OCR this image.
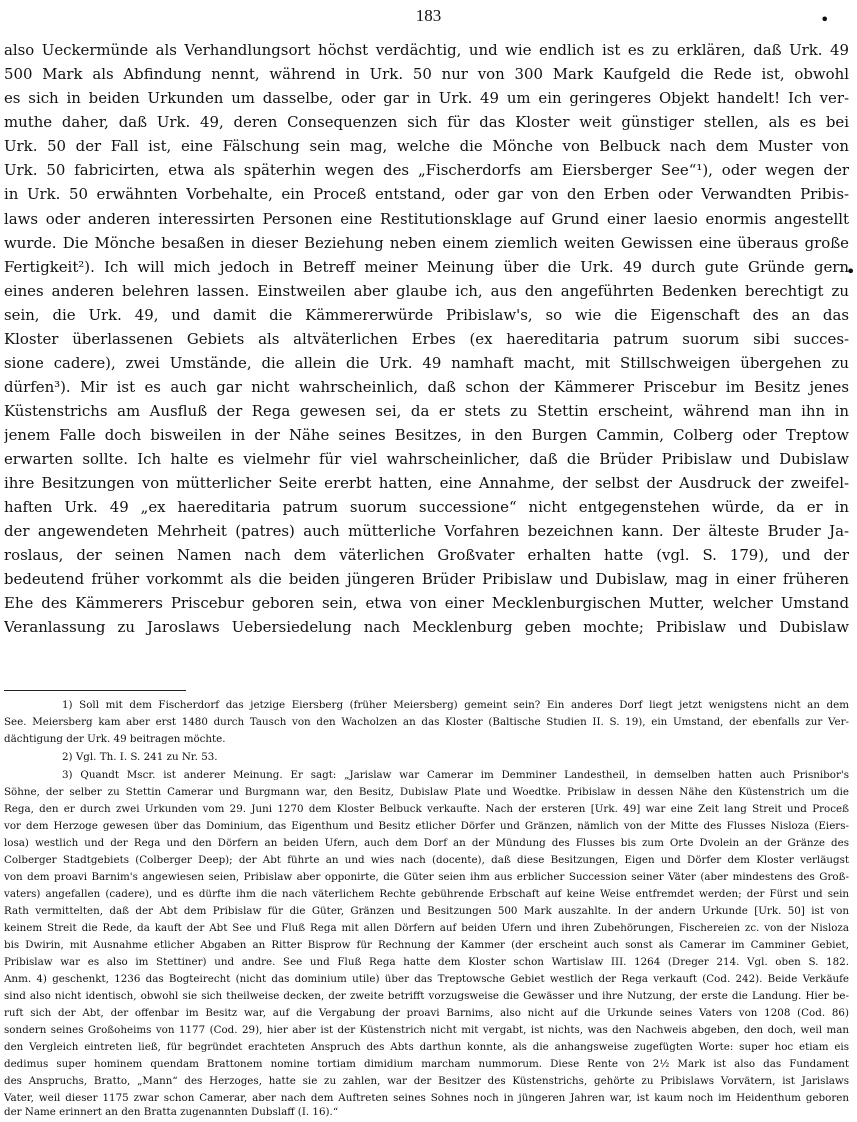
183	•
also Ueckermünde als Verhandlungsort höchst verdächtig, und wie endlich ist es zu erklären, daß Urk. 49
500 Mark als Abfindung nennt, während in Urk. 50 nur von 300 Mark Kaufgeld die Rede ist, obwohl
es sich in beiden Urkunden um dasselbe, oder gar in Urk. 49 um ein geringeres Objekt handelt! Ich ver-
muthe daher, daß Urk. 49, deren Consequenzen sich für das Kloster weit günstiger stellen, als es bei
Urk. 50 der Fall ist, eine Fälschung sein mag, welche die Mönche von Belbuck nach dem Muster von
Urk. 50 fabricirten, etwa als späterhin wegen des „Fischerdorfs am Eiersberger See“¹), oder wegen der
in Urk. 50 erwähnten Vorbehalte, ein Proceß entstand, oder gar von den Erben oder Verwandten Pribis-
laws oder anderen interessirten Personen eine Restitutionsklage auf Grund einer laesio enormis angestellt
wurde. Die Mönche besaßen in dieser Beziehung neben einem ziemlich weiten Gewissen eine überaus große
Fertigkeit²). Ich will mich jedoch in Betreff meiner Meinung über die Urk. 49 durch gute Gründe gern
eines anderen belehren lassen. Einstweilen aber glaube ich, aus den angeführten Bedenken berechtigt zu
sein, die Urk. 49, und damit die Kämmererwürde Pribislaw's, so wie die Eigenschaft des an das
Kloster überlassenen Gebiets als altväterlichen Erbes (ex haereditaria patrum suorum sibi succes-
sione cadere), zwei Umstände, die allein die Urk. 49 namhaft macht, mit Stillschweigen übergehen zu
dürfen³). Mir ist es auch gar nicht wahrscheinlich, daß schon der Kämmerer Priscebur im Besitz jenes
Küstenstrichs am Ausfluß der Rega gewesen sei, da er stets zu Stettin erscheint, während man ihn in
jenem Falle doch bisweilen in der Nähe seines Besitzes, in den Burgen Cammin, Colberg oder Treptow
erwarten sollte. Ich halte es vielmehr für viel wahrscheinlicher, daß die Brüder Pribislaw und Dubislaw
ihre Besitzungen von mütterlicher Seite ererbt hatten, eine Annahme, der selbst der Ausdruck der zweifel-
haften Urk. 49 „ex haereditaria patrum suorum successione“ nicht entgegenstehen würde, da er in
der angewendeten Mehrheit (patres) auch mütterliche Vorfahren bezeichnen kann. Der älteste Bruder Ja-
roslaus, der seinen Namen nach dem väterlichen Großvater erhalten hatte (vgl. S. 179), und der
bedeutend früher vorkommt als die beiden jüngeren Brüder Pribislaw und Dubislaw, mag in einer früheren
Ehe des Kämmerers Priscebur geboren sein, etwa von einer Mecklenburgischen Mutter, welcher Umstand
Veranlassung zu Jaroslaws Uebersiedelung nach Mecklenburg geben mochte; Pribislaw und Dubislaw
•
1) Soll mit dem Fischerdorf das jetzige Eiersberg (früher Meiersberg) gemeint sein? Ein anderes Dorf liegt jetzt wenigstens nicht an dem
See. Meiersberg kam aber erst 1480 durch Tausch von den Wacholzen an das Kloster (Baltische Studien II. S. 19), ein Umstand, der ebenfalls zur Ver-
dächtigung der Urk. 49 beitragen möchte.
2) Vgl. Th. I. S. 241 zu Nr. 53.
3) Quandt Mscr. ist anderer Meinung. Er sagt: „Jarislaw war Camerar im Demminer Landestheil, in demselben hatten auch Prisnibor's
Söhne, der selber zu Stettin Camerar und Burgmann war, den Besitz, Dubislaw Plate und Woedtke. Pribislaw in dessen Nähe den Küstenstrich um die
Rega, den er durch zwei Urkunden vom 29. Juni 1270 dem Kloster Belbuck verkaufte. Nach der ersteren [Urk. 49] war eine Zeit lang Streit und Proceß
vor dem Herzoge gewesen über das Dominium, das Eigenthum und Besitz etlicher Dörfer und Gränzen, nämlich von der Mitte des Flusses Nisloza (Eiers-
losa) westlich und der Rega und den Dörfern an beiden Ufern, auch dem Dorf an der Mündung des Flusses bis zum Orte Dvolein an der Gränze des
Colberger Stadtgebiets (Colberger Deep); der Abt führte an und wies nach (docente), daß diese Besitzungen, Eigen und Dörfer dem Kloster verläugst
von dem proavi Barnim's angewiesen seien, Pribislaw aber opponirte, die Güter seien ihm aus erblicher Succession seiner Väter (aber mindestens des Groß-
vaters) angefallen (cadere), und es dürfte ihm die nach väterlichem Rechte gebührende Erbschaft auf keine Weise entfremdet werden; der Fürst und sein
Rath vermittelten, daß der Abt dem Pribislaw für die Güter, Gränzen und Besitzungen 500 Mark auszahlte. In der andern Urkunde [Urk. 50] ist von
keinem Streit die Rede, da kauft der Abt See und Fluß Rega mit allen Dörfern auf beiden Ufern und ihren Zubehörungen, Fischereien zc. von der Nisloza
bis Dwirin, mit Ausnahme etlicher Abgaben an Ritter Bisprow für Rechnung der Kammer (der erscheint auch sonst als Camerar im Camminer Gebiet,
Pribislaw war es also im Stettiner) und andre. See und Fluß Rega hatte dem Kloster schon Wartislaw III. 1264 (Dreger 214. Vgl. oben S. 182.
Anm. 4) geschenkt, 1236 das Bogteirecht (nicht das dominium utile) über das Treptowsche Gebiet westlich der Rega verkauft (Cod. 242). Beide Verkäufe
sind also nicht identisch, obwohl sie sich theilweise decken, der zweite betrifft vorzugsweise die Gewässer und ihre Nutzung, der erste die Landung. Hier be-
ruft sich der Abt, der offenbar im Besitz war, auf die Vergabung der proavi Barnims, also nicht auf die Urkunde seines Vaters von 1208 (Cod. 86)
sondern seines Großoheims von 1177 (Cod. 29), hier aber ist der Küstenstrich nicht mit vergabt, ist nichts, was den Nachweis abgeben, den doch, weil man
den Vergleich eintreten ließ, für begründet erachteten Anspruch des Abts darthun konnte, als die anhangsweise zugefügten Worte: super hoc etiam eis
dedimus super hominem quendam Brattonem nomine tortiam dimidium marcham nummorum. Diese Rente von 2½ Mark ist also das Fundament
des Anspruchs, Bratto, „Mann“ des Herzoges, hatte sie zu zahlen, war der Besitzer des Küstenstrichs, gehörte zu Pribislaws Vorvätern, ist Jarislaws
Vater, weil dieser 1175 zwar schon Camerar, aber nach dem Auftreten seines Sohnes noch in jüngeren Jahren war, ist kaum noch im Heidenthum geboren
der Name erinnert an den Bratta zugenannten Dubslaff (I. 16).“
